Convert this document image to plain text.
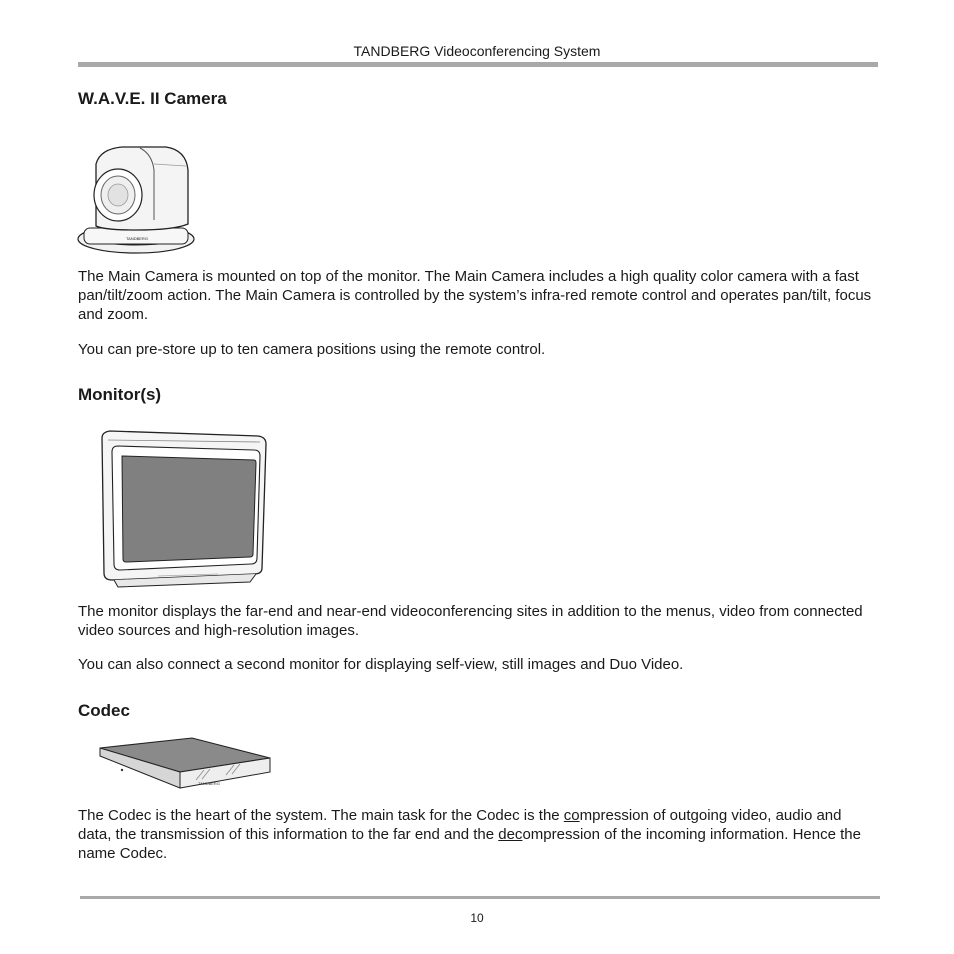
TANDBERG Videoconferencing System
W.A.V.E. II Camera
TANDBERG
The Main Camera is mounted on top of the monitor. The Main Camera includes a high quality color camera with a fast pan/tilt/zoom action. The Main Camera is controlled by the system’s infra-red remote control and operates pan/tilt, focus and zoom.
You can pre-store up to ten camera positions using the remote control.
Monitor(s)
The monitor displays the far-end and near-end videoconferencing sites in addition to the menus, video from connected video sources and high-resolution images.
You can also connect a second monitor for displaying self-view, still images and Duo Video.
Codec
TANDBERG

The Codec is the heart of the system. The main task for the Codec is the compression of outgoing video, audio and data, the transmission of this information to the far end and the decompression of the incoming information. Hence the name Codec.

10
